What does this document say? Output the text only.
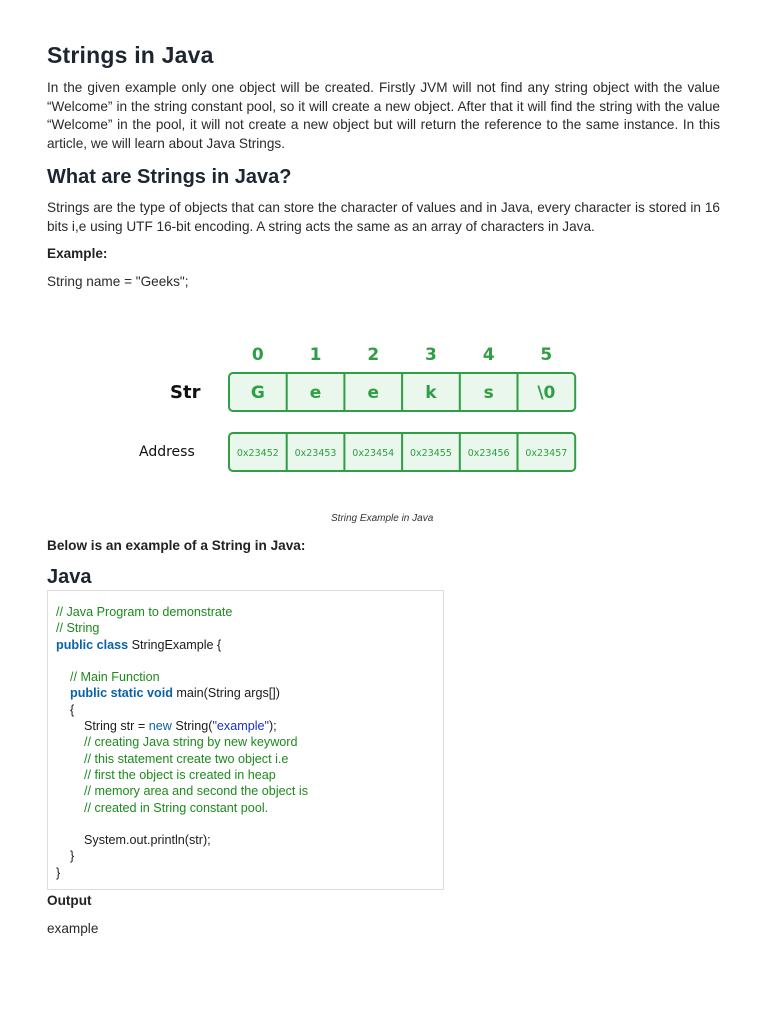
Strings in Java

In the given example only one object will be created. Firstly JVM will not find any string object with the value “Welcome” in the string constant pool, so it will create a new object. After that it will find the string with the value “Welcome” in the pool, it will not create a new object but will return the reference to the same instance. In this article, we will learn about Java Strings.

What are Strings in Java?

Strings are the type of objects that can store the character of values and in Java, every character is stored in 16 bits i,e using UTF 16-bit encoding. A string acts the same as an array of characters in Java.

Example:
String name = "Geeks";
0	1	2	3	4	5
Str	G	e	e	k	s	\0
Address	0x23452 0x23453 0x23454 0x23455 0x23456 0x23457
String Example in Java
Below is an example of a String in Java:
Java
// Java Program to demonstrate
// String
public class StringExample {

// Main Function
public static void main(String args[])
{
String str = new String("example");
// creating Java string by new keyword
// this statement create two object i.e
// first the object is created in heap
// memory area and second the object is
// created in String constant pool.

System.out.println(str);
}
}
Output
example
